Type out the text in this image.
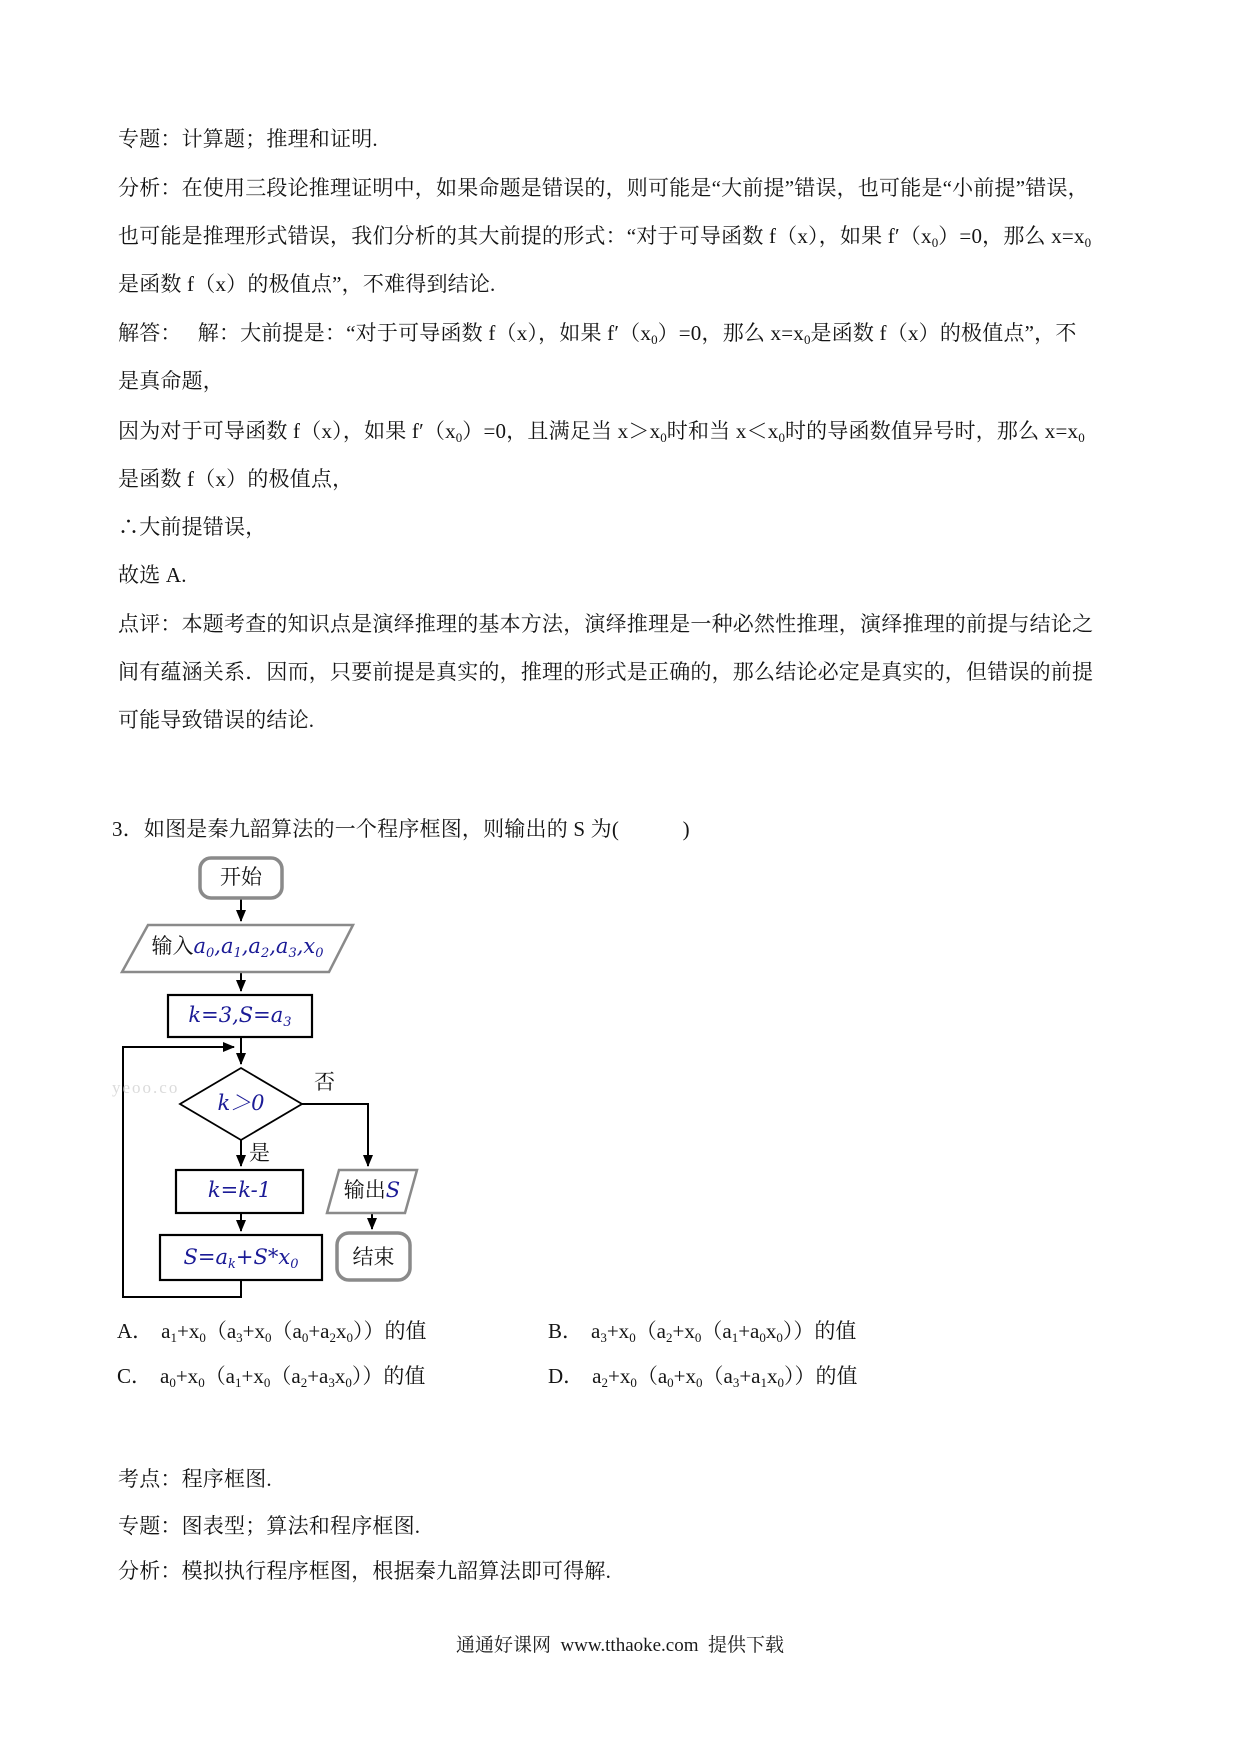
专题：计算题；推理和证明.
分析：在使用三段论推理证明中，如果命题是错误的，则可能是“大前提”错误，也可能是“小前提”错误，
也可能是推理形式错误，我们分析的其大前提的形式：“对于可导函数 f（x），如果 $f'(x_0)=0$，那么 $x=x_0$
是函数 f（x）的极值点”，不难得到结论.
解答：　 解：大前提是：“对于可导函数 f（x），如果 $f'(x_0)=0$，那么 $x=x_0$是函数 f（x）的极值点”，不
是真命题，
因为对于可导函数 f（x），如果 $f'(x_0)=0$，且满足当 $x>x_0$时和当 $x<x_0$时的导函数值异号时，那么 $x=x_0$
是函数 f（x）的极值点，
∴大前提错误，
故选 A.
点评：本题考查的知识点是演绎推理的基本方法，演绎推理是一种必然性推理，演绎推理的前提与结论之
间有蕴涵关系．因而，只要前提是真实的，推理的形式是正确的，那么结论必定是真实的，但错误的前提
可能导致错误的结论.
3．如图是秦九韶算法的一个程序框图，则输出的 S 为(　　　)
yeoo.co
开始
输入$a_0,a_1,a_2,a_3,x_0$
$k=3,S=a_3$
k＞0
否
是
k=k-1
$S=a_k+S*x_0$
输出S
结束
A． $a_1+x_0(a_3+x_0(a_0+a_2x_0))$的值	B． $a_3+x_0(a_2+x_0(a_1+a_0x_0))$的值
C． $a_0+x_0(a_1+x_0(a_2+a_3x_0))$的值	D． $a_2+x_0(a_0+x_0(a_3+a_1x_0))$的值
考点：程序框图.
专题：图表型；算法和程序框图.
分析：模拟执行程序框图，根据秦九韶算法即可得解.
通通好课网  www.tthaoke.com  提供下载
